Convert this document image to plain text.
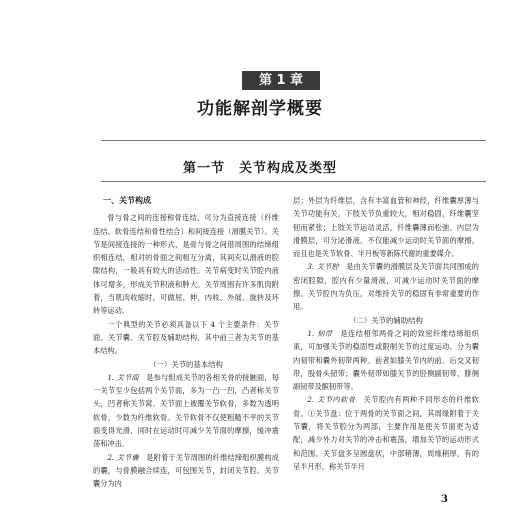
第 1 章
功能解剖学概要
第一节　关节构成及类型
一、关节构成

骨与骨之间的连接称骨连结，可分为直接连接（纤维连结、软骨连结和骨性结合）和间接连接（滑膜关节）。关节是间接连接的一种形式，是骨与骨之间借周围的结缔组织相连结，相对的骨面之间相互分离，其间充以滑液的腔隙结构，一般具有较大的活动性。关节病变时关节腔内液体可增多，形成关节积液和肿大。关节周围有许多肌肉附着，当肌肉收缩时，可做屈、伸、内收、外展、旋转及环转等运动。

一个典型的关节必须具备以下 4 个主要条件：关节面、关节囊、关节腔及辅助结构，其中前三者为关节的基本结构。

（一）关节的基本结构

1. 关节面　 是参与组成关节的各相关骨的接触面，每一关节至少包括两个关节面，多为一凸一凹，凸者称关节头，凹者称关节窝。关节面上被覆关节软骨，多数为透明软骨，少数为纤维软骨。关节软骨不仅使粗糙不平的关节面变得光滑，同时在运动时可减少关节面的摩擦，缓冲震荡和冲击。

2. 关节囊　 是附着于关节周围的纤维结缔组织膜构成的囊，与骨膜融合续连，可包围关节，封闭关节腔。关节囊分为内

层；外层为纤维层，含有丰富血管和神经，纤维囊厚薄与关节功能有关，下肢关节负重较大，相对稳固，纤维囊坚韧而紧张；上肢关节运动灵活，纤维囊薄而松弛。内层为滑膜层，可分泌滑液，不仅能减少运动时关节面的摩擦，而且也是关节软骨、半月板等新陈代谢的重要媒介。

3. 关节腔　 是由关节囊的滑膜层及关节面共同围成的密闭腔隙，腔内有少量滑液，可减少运动时关节面的摩擦。关节腔内为负压，对维持关节的稳固有非常重要的作用。

（二）关节的辅助结构

1. 韧带　 是连结相邻两骨之间的致密纤维结缔组织束，可加强关节的稳固性或限制关节的过度运动。分为囊内韧带和囊外韧带两种。前者如膝关节内的前、后交叉韧带，股骨头韧带；囊外韧带如膝关节的胫侧副韧带、腓侧副韧带及髌韧带等。

2. 关节内软骨　 关节腔内有两种不同形态的纤维软骨。①关节盘：位于两骨的关节面之间，其周缘附着于关节囊，将关节腔分为两部，主要作用是使关节面更为适配，减少外力对关节的冲击和震荡，增加关节的运动形式和范围。关节盘多呈圆盘状，中部稍薄，周缘稍厚，有的呈半月形，称关节半月

3
